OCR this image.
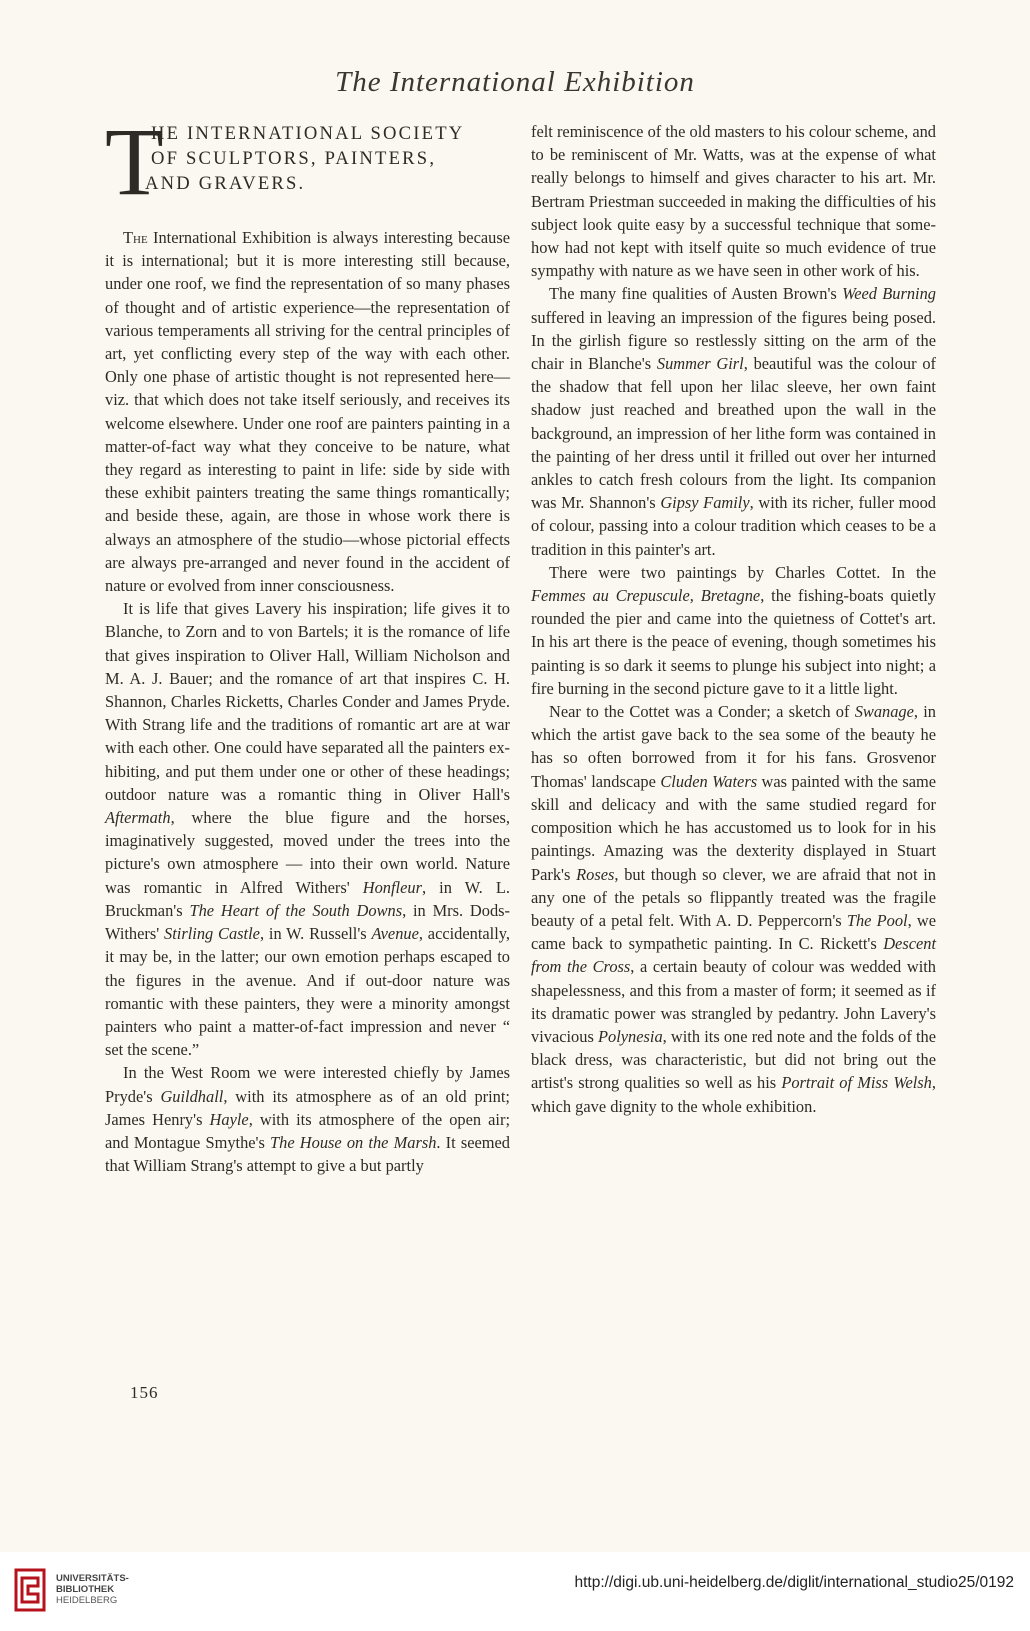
The International Exhibition
T
HE INTERNATIONAL SOCIETY
OF SCULPTORS, PAINTERS,
AND GRAVERS.

The International Exhibition is always interesting because it is international; but it is more interesting still because, under one roof, we find the representation of so many phases of thought and of artistic experience—the representation of various temperaments all striving for the central principles of art, yet conflicting every step of the way with each other. Only one phase of artistic thought is not represented here—viz. that which does not take itself seriously, and receives its welcome elsewhere. Under one roof are painters painting in a matter-of-fact way what they conceive to be nature, what they regard as interesting to paint in life: side by side with these exhibit painters treating the same things romantically; and beside these, again, are those in whose work there is always an atmosphere of the studio—whose pictorial effects are always pre-arranged and never found in the accident of nature or evolved from inner consciousness.

It is life that gives Lavery his inspiration; life gives it to Blanche, to Zorn and to von Bartels; it is the romance of life that gives inspiration to Oliver Hall, William Nicholson and M. A. J. Bauer; and the romance of art that inspires C. H. Shannon, Charles Ricketts, Charles Conder and James Pryde. With Strang life and the traditions of romantic art are at war with each other. One could have separated all the painters exhibiting, and put them under one or other of these headings; outdoor nature was a romantic thing in Oliver Hall's Aftermath, where the blue figure and the horses, imaginatively suggested, moved under the trees into the picture's own atmosphere — into their own world. Nature was romantic in Alfred Withers' Honfleur, in W. L. Bruckman's The Heart of the South Downs, in Mrs. Dods-Withers' Stirling Castle, in W. Russell's Avenue, accidentally, it may be, in the latter; our own emotion perhaps escaped to the figures in the avenue. And if out-door nature was romantic with these painters, they were a minority amongst painters who paint a matter-of-fact impression and never “ set the scene.”

In the West Room we were interested chiefly by James Pryde's Guildhall, with its atmosphere as of an old print; James Henry's Hayle, with its atmosphere of the open air; and Montague Smythe's The House on the Marsh. It seemed that William Strang's attempt to give a but partly

felt reminiscence of the old masters to his colour scheme, and to be reminiscent of Mr. Watts, was at the expense of what really belongs to himself and gives character to his art. Mr. Bertram Priestman succeeded in making the difficulties of his subject look quite easy by a successful technique that somehow had not kept with itself quite so much evidence of true sympathy with nature as we have seen in other work of his.

The many fine qualities of Austen Brown's Weed Burning suffered in leaving an impression of the figures being posed. In the girlish figure so restlessly sitting on the arm of the chair in Blanche's Summer Girl, beautiful was the colour of the shadow that fell upon her lilac sleeve, her own faint shadow just reached and breathed upon the wall in the background, an impression of her lithe form was contained in the painting of her dress until it frilled out over her inturned ankles to catch fresh colours from the light. Its companion was Mr. Shannon's Gipsy Family, with its richer, fuller mood of colour, passing into a colour tradition which ceases to be a tradition in this painter's art.

There were two paintings by Charles Cottet. In the Femmes au Crepuscule, Bretagne, the fishing-boats quietly rounded the pier and came into the quietness of Cottet's art. In his art there is the peace of evening, though sometimes his painting is so dark it seems to plunge his subject into night; a fire burning in the second picture gave to it a little light.

Near to the Cottet was a Conder; a sketch of Swanage, in which the artist gave back to the sea some of the beauty he has so often borrowed from it for his fans. Grosvenor Thomas' landscape Cluden Waters was painted with the same skill and delicacy and with the same studied regard for composition which he has accustomed us to look for in his paintings. Amazing was the dexterity displayed in Stuart Park's Roses, but though so clever, we are afraid that not in any one of the petals so flippantly treated was the fragile beauty of a petal felt. With A. D. Peppercorn's The Pool, we came back to sympathetic painting. In C. Rickett's Descent from the Cross, a certain beauty of colour was wedded with shapelessness, and this from a master of form; it seemed as if its dramatic power was strangled by pedantry. John Lavery's vivacious Polynesia, with its one red note and the folds of the black dress, was characteristic, but did not bring out the artist's strong qualities so well as his Portrait of Miss Welsh, which gave dignity to the whole exhibition.

156
UNIVERSITÄTS-
BIBLIOTHEK
HEIDELBERG
http://digi.ub.uni-heidelberg.de/diglit/international_studio25/0192
